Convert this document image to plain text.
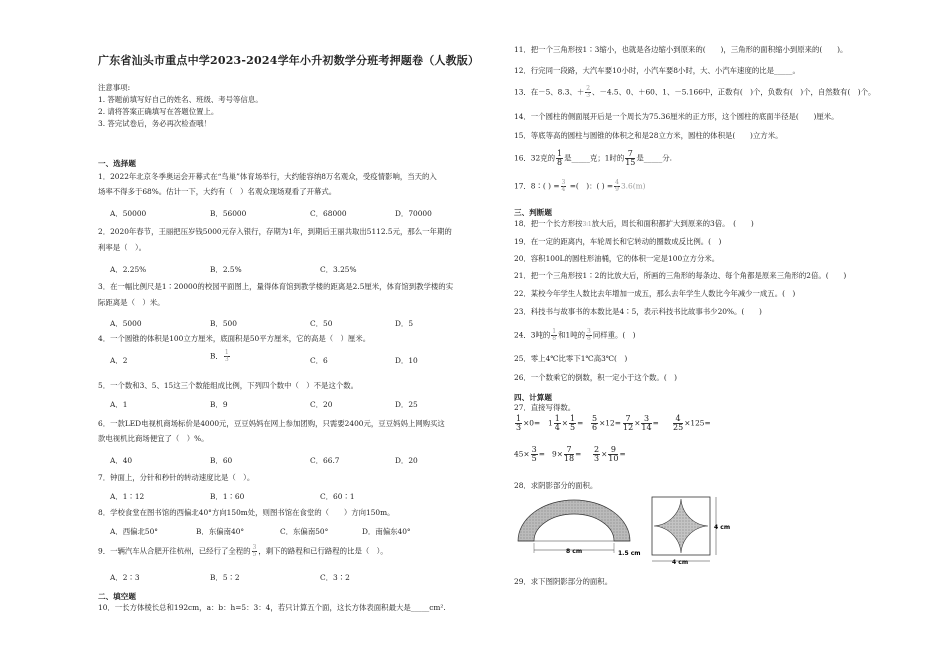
广东省汕头市重点中学2023-2024学年小升初数学分班考押题卷（人教版）
注意事项:
1. 答题前填写好自己的姓名、班级、考号等信息。
2. 请将答案正确填写在答题位置上。
3. 答完试卷后，务必再次检查哦！
一、选择题
1．2022年北京冬季奥运会开幕式在“鸟巢”体育场举行，大约能容纳8万名观众，受疫情影响，当天的入
场率不得多于68%。估计一下，大约有（　）名观众现场观看了开幕式。
A．50000	B．56000	C．68000	D．70000
2．2020年春节，王丽把压岁钱5000元存入银行，存期为1年，到期后王丽共取出5112.5元，那么一年期的
利率是（　）。
A．2.25%	B．2.5%	C．3.25%
3．在一幅比例尺是1∶20000的校园平面图上，量得体育馆到教学楼的距离是2.5厘米，体育馆到教学楼的实
际距离是（　）米。
A．5000	B．500	C．50	D．5
4．一个圆锥的体积是100立方厘米，底面积是50平方厘米，它的高是（　）厘米。
A．2	B． $\frac{1}{3}$	C．6	D．10
5．一个数和3、5、15这三个数能组成比例，下列四个数中（　）不是这个数。
A．1	B．9	C．20	D．25
6．一款LED电视机商场标价是4000元，豆豆妈妈在网上参加团购，只需要2400元，豆豆妈妈上网购买这
款电视机比商场便宜了（　）%。
A．40	B．60	C．66.7	D．20
7．钟面上，分针和秒针的转动速度比是（　）。
A．1∶12	B．1∶60	C．60∶1
8．学校食堂在图书馆的西偏北40°方向150m处，则图书馆在食堂的（　　）方向150m。
A．西偏北50°	B．东偏南40°	C．东偏南50°	D．南偏东40°
9．一辆汽车从合肥开往杭州，已经行了全程的 $\frac{3}{5}$ ，剩下的路程和已行路程的比是（　）。
A．2∶3	B．5∶2	C．3∶2
二、填空题
10．一长方体棱长总和192cm，a：b：h=5：3：4，若只计算五个面，这长方体表面积最大是_____cm².
11．把一个三角形按1∶3缩小，也就是各边缩小到原来的(　　)，三角形的面积缩小到原来的(　　)。
12．行完同一段路，大汽车要10小时，小汽车要8小时，大、小汽车速度的比是_____。
13．在－5、8.3、＋ $\frac{2}{3}$ 、－4.5、0、＋60、1、－5.166中，正数有(　)个，负数有(　)个，自然数有(　)个。
14．一个圆柱的侧面展开后是一个周长为75.36厘米的正方形，这个圆柱的底面半径是(　　)厘米。
15．等底等高的圆柱与圆锥的体积之和是28立方米，圆柱的体积是(　　)立方米。
16．32克的 $\frac{1}{8}$ 是_____克；1时的 $\frac{7}{15}$ 是_____分.
17．8∶( ) = $\frac{3}{4}$ =(　)：( ) = $\frac{4}{9} 3.6(m)$
三、判断题
18．把一个长方形按3∶1放大后，周长和面积都扩大到原来的3倍。　(　　)
19．在一定的距离内，车轮周长和它转动的圈数成反比例。(　)
20．容积100L的圆柱形油桶，它的体积一定是100立方分米。
21．把一个三角形按1∶2的比放大后，所画的三角形的每条边、每个角都是原来三角形的2倍。(　　)
22．某校今年学生人数比去年增加一成五，那么去年学生人数比今年减少一成五。(　)
23．科技书与故事书的本数比是4∶5，表示科技书比故事书少20%。(　　)
24．3吨的 $\frac{1}{8}$ 和1吨的 $\frac{3}{8}$ 同样重。(　)
25．零上4℃比零下1℃高3℃(　)
26．一个数乘它的倒数，积一定小于这个数。(　)
四、计算题
27．直接写得数。
$\frac{1}{3} \times 0= 1 \frac{1}{4} \times \frac{1}{5} = \frac{5}{6} \times 12= \frac{7}{12} \times \frac{3}{14} = \frac{4}{25} \times 125=$
$45\times \frac{3}{5} = 9\times \frac{7}{18} = \frac{2}{3} \times \frac{9}{10}$ =
28．求阴影部分的面积。
8 cm	1.5 cm
4 cm
4 cm
29．求下图阴影部分的面积。
